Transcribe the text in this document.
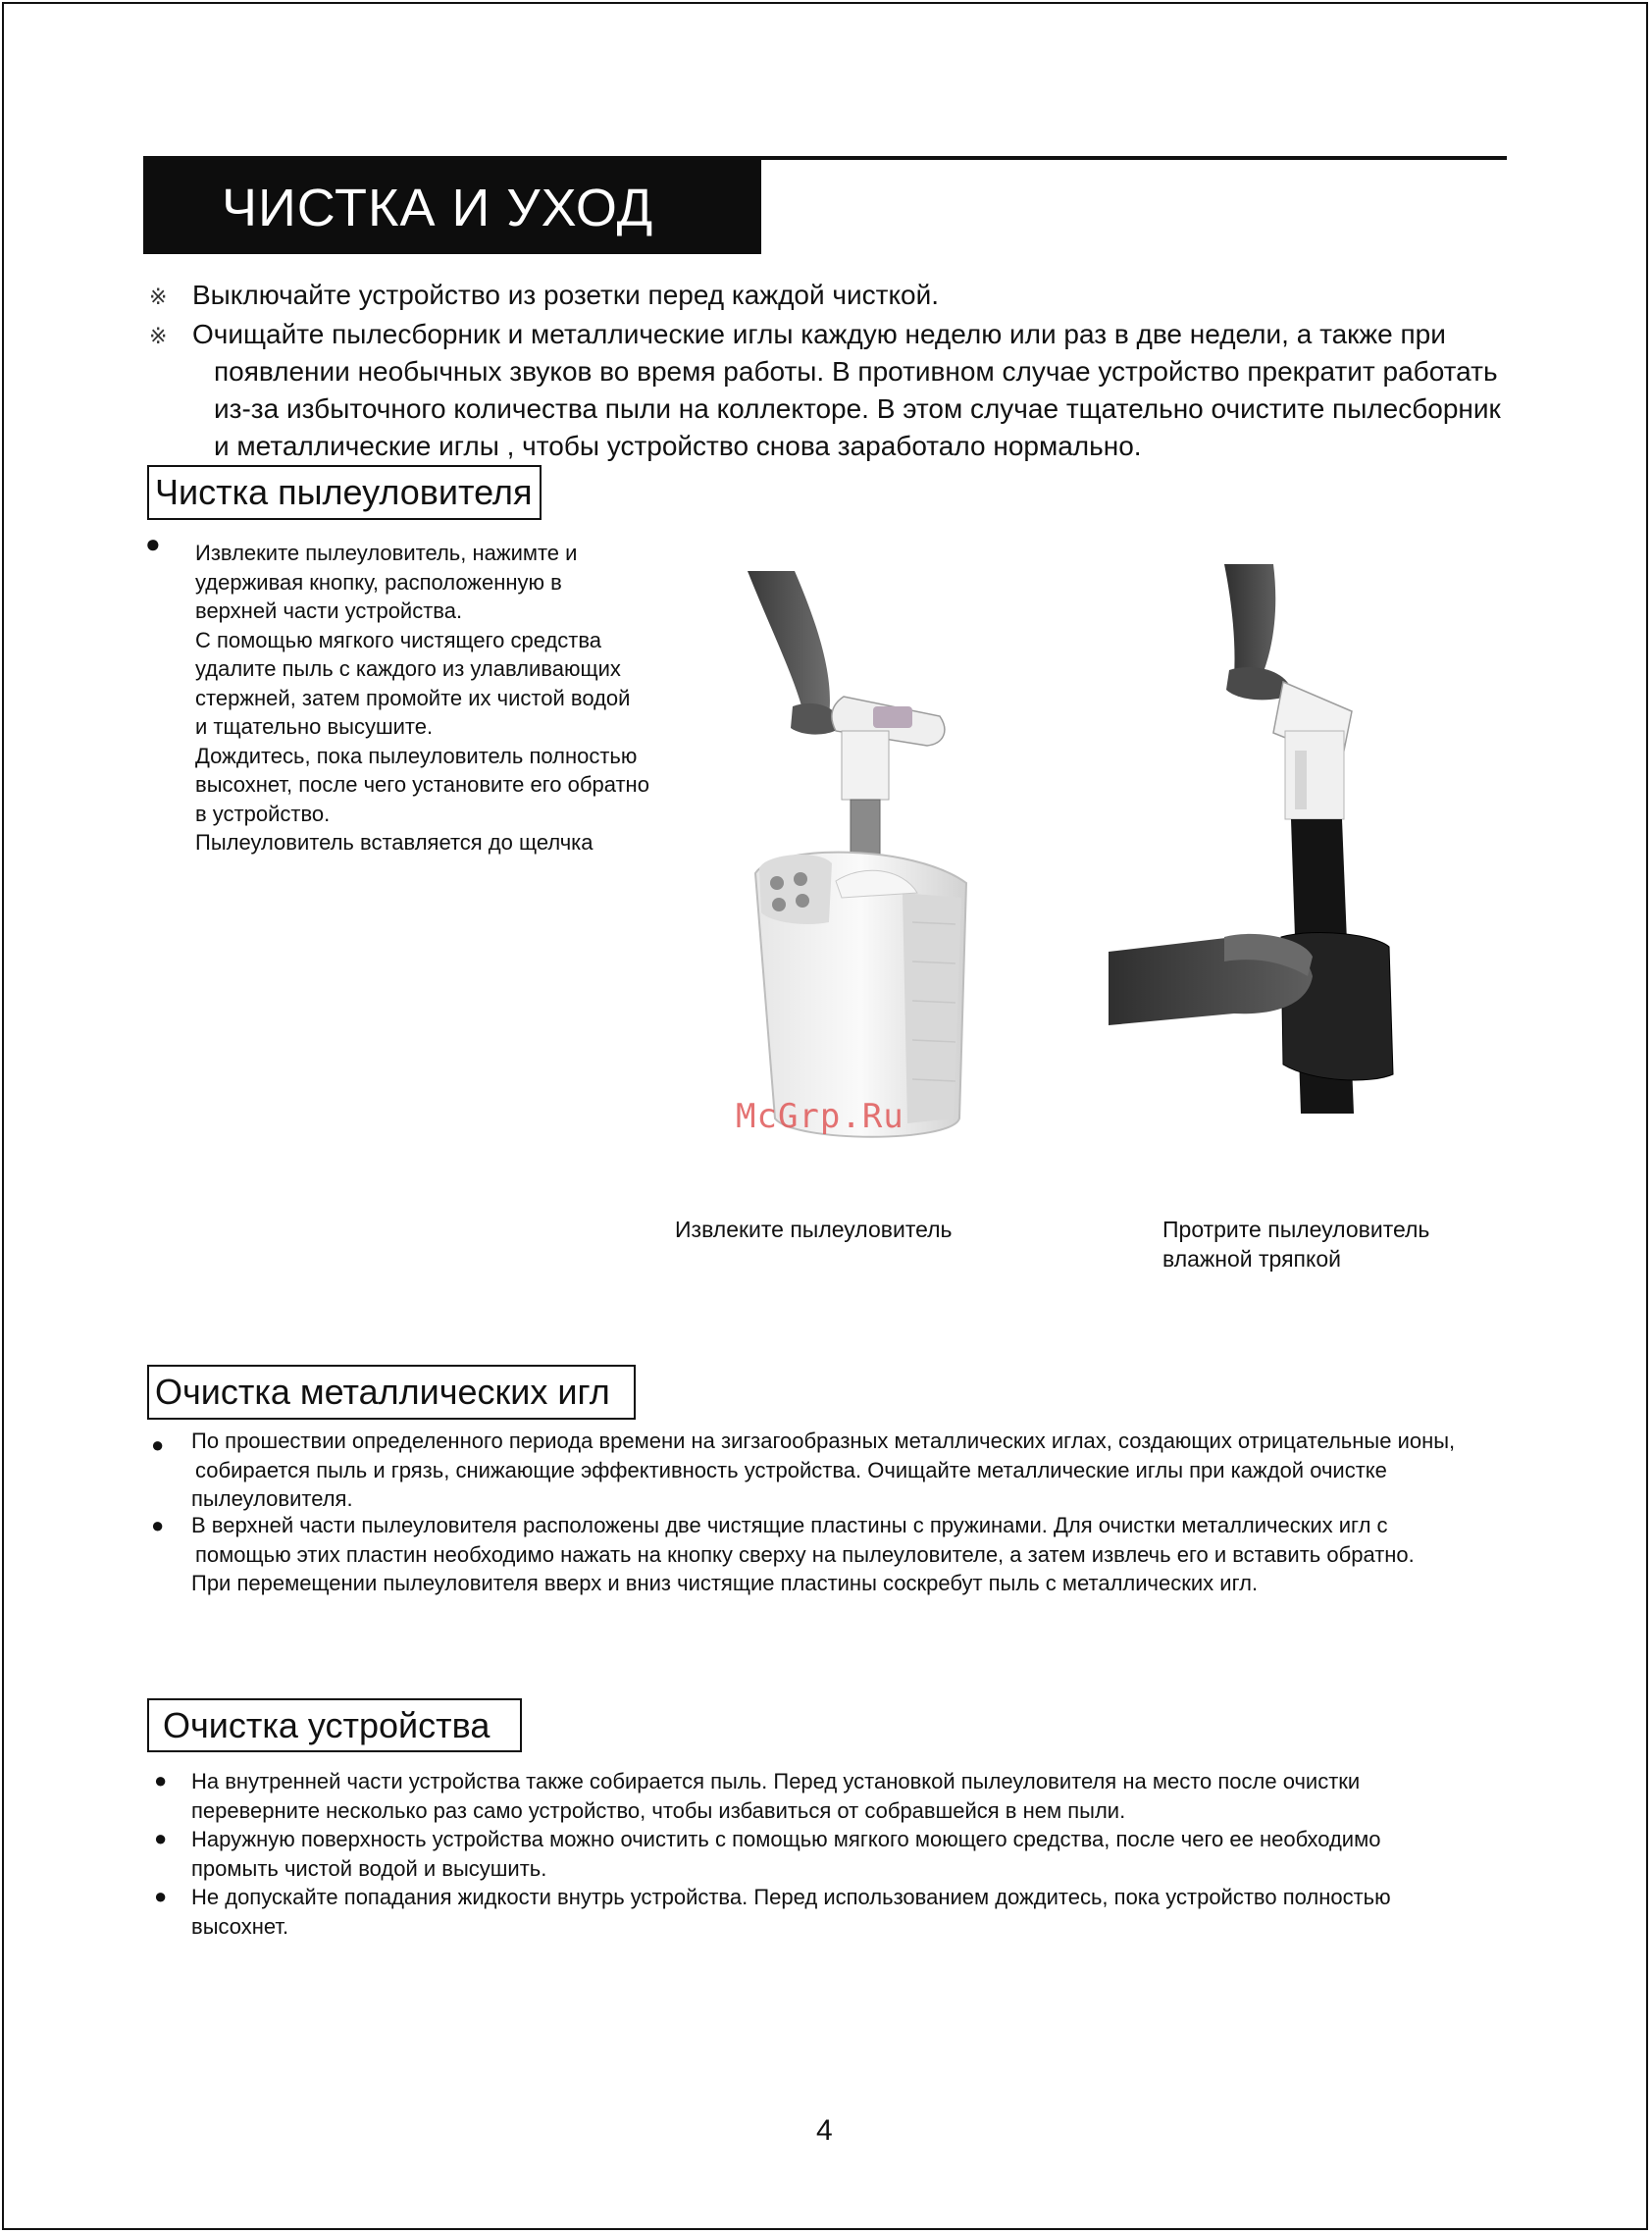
ЧИСТКА И УХОД
※ Выключайте устройство из розетки перед каждой чисткой.
※ Очищайте пылесборник и металлические иглы каждую неделю или раз в две недели, а также при
появлении необычных звуков во время работы. В противном случае устройство прекратит работать
из-за избыточного количества пыли на коллекторе. В этом случае тщательно очистите пылесборник
и металлические иглы , чтобы устройство снова заработало нормально.
Чистка пылеуловителя
● Извлеките пылеуловитель, нажимте и
удерживая кнопку, расположенную в
верхней части устройства.
С помощью мягкого чистящего средства
удалите пыль с каждого из улавливающих
стержней, затем промойте их чистой водой
и тщательно высушите.
Дождитесь, пока пылеуловитель полностью
высохнет, после чего установите его обратно
в устройство.
Пылеуловитель вставляется до щелчка
McGrp.Ru
Извлеките пылеуловитель	Протрите пылеуловитель
влажной тряпкой
Очистка металлических игл
● По прошествии определенного периода времени на зигзагообразных металлических иглах, создающих отрицательные ионы,
собирается пыль и грязь, снижающие эффективность устройства. Очищайте металлические иглы при каждой очистке
пылеуловителя.
● В верхней части пылеуловителя расположены две чистящие пластины с пружинами. Для очистки металлических игл с
помощью этих пластин необходимо нажать на кнопку сверху на пылеуловителе, а затем извлечь его и вставить обратно.
При перемещении пылеуловителя вверх и вниз чистящие пластины соскребут пыль с металлических игл.
Очистка устройства
● На внутренней части устройства также собирается пыль. Перед установкой пылеуловителя на место после очистки
переверните несколько раз само устройство, чтобы избавиться от собравшейся в нем пыли.
● Наружную поверхность устройства можно очистить с помощью мягкого моющего средства, после чего ее необходимо
промыть чистой водой и высушить.
● Не допускайте попадания жидкости внутрь устройства. Перед использованием дождитесь, пока устройство полностью
высохнет.
4
